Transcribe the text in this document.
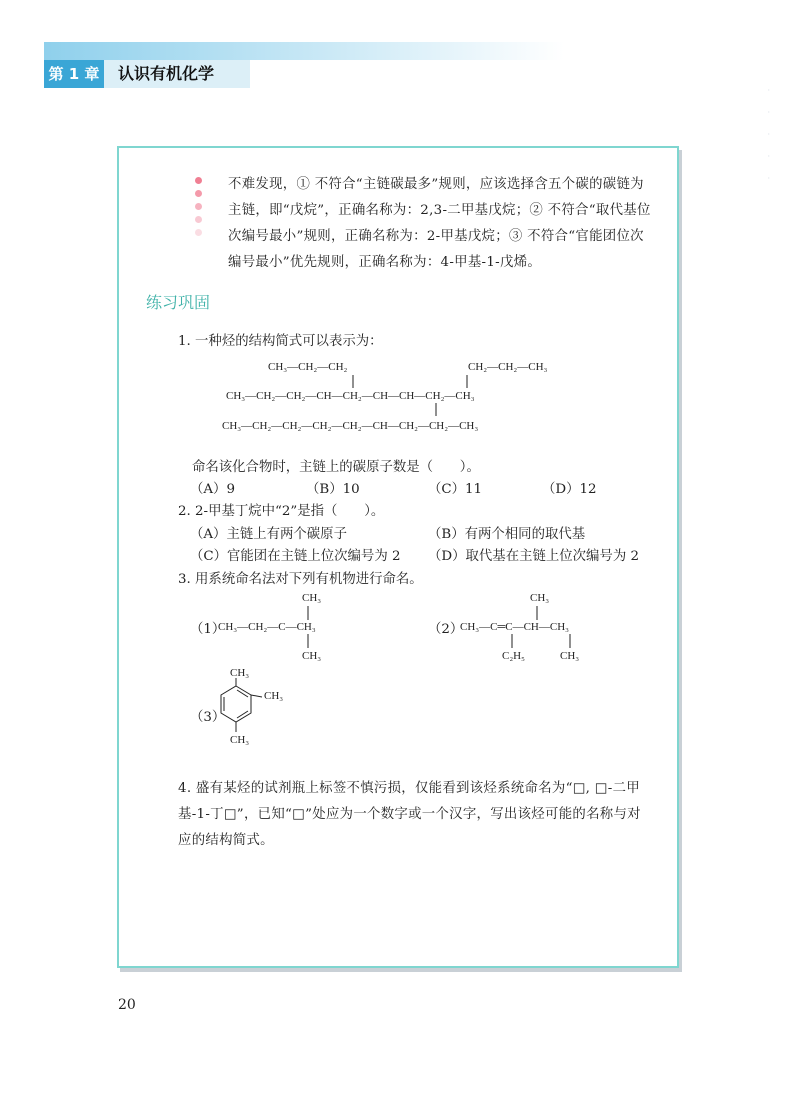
第 1 章	认识有机化学
·
·
·
·
·
不难发现，① 不符合“主链碳最多”规则，应该选择含五个碳的碳链为主链，即“戊烷”，正确名称为：2,3-二甲基戊烷；② 不符合“取代基位次编号最小”规则，正确名称为：2-甲基戊烷；③ 不符合“官能团位次编号最小”优先规则，正确名称为：4-甲基-1-戊烯。
练习巩固
1. 一种烃的结构简式可以表示为：
CH₃—CH₂—CH₂	CH₂—CH₂—CH₃
CH₃—CH₂—CH₂—CH—CH₂—CH—CH—CH₂—CH₃
CH₃—CH₂—CH₂—CH₂—CH₂—CH—CH₂—CH₂—CH₃
命名该化合物时，主链上的碳原子数是（　　）。
（A）9	（B）10	（C）11	（D）12
2. 2-甲基丁烷中“2”是指（　　）。
（A）主链上有两个碳原子	（B）有两个相同的取代基
（C）官能团在主链上位次编号为 2 （D）取代基在主链上位次编号为 2
3. 用系统命名法对下列有机物进行命名。
（1）
CH₃
CH₃—CH₂—C—CH₃
CH₃
（2）
CH₃
CH₃—C═C—CH—CH₃
C₂H₅	CH₃
（3）
CH₃
CH₃
CH₃
4. 盛有某烃的试剂瓶上标签不慎污损，仅能看到该烃系统命名为“□, □-二甲基-1-丁□”，已知“□”处应为一个数字或一个汉字，写出该烃可能的名称与对应的结构简式。
20
